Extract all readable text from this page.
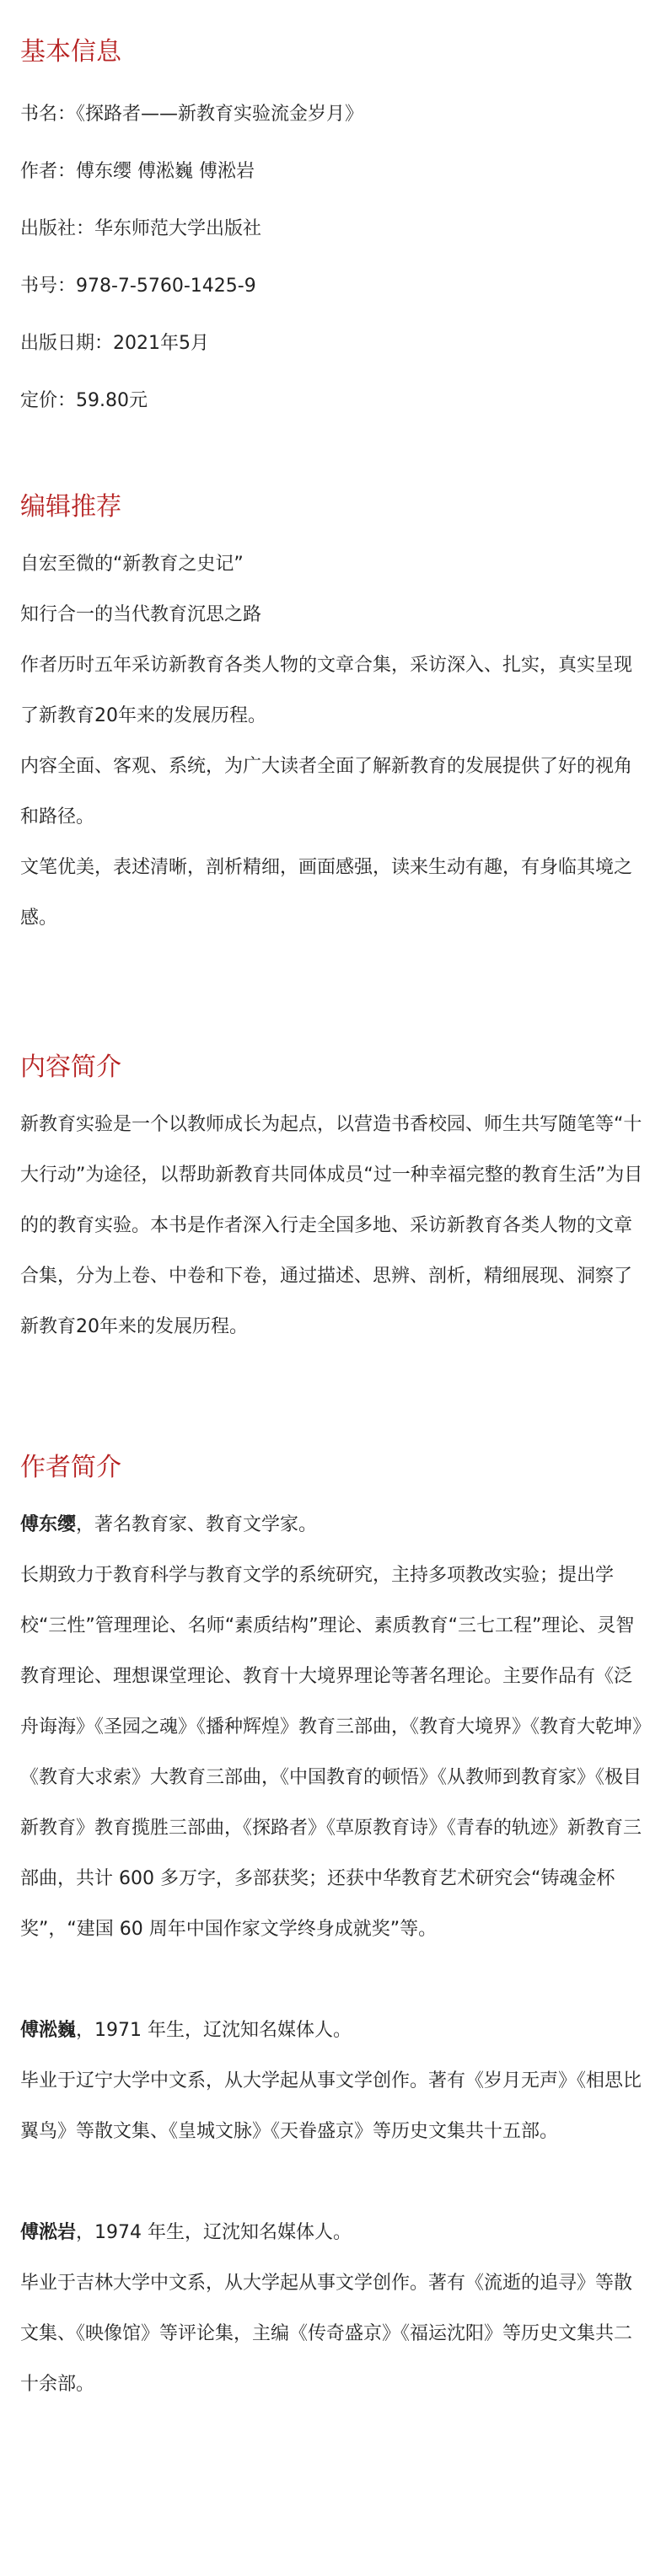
基本信息

书名：《探路者——新教育实验流金岁月》

作者：傅东缨 傅淞巍 傅淞岩

出版社：华东师范大学出版社

书号：978-7-5760-1425-9

出版日期：2021年5月

定价：59.80元

编辑推荐

自宏至微的“新教育之史记”

知行合一的当代教育沉思之路

作者历时五年采访新教育各类人物的文章合集，采访深入、扎实，真实呈现了新教育20年来的发展历程。

内容全面、客观、系统，为广大读者全面了解新教育的发展提供了好的视角和路径。

文笔优美，表述清晰，剖析精细，画面感强，读来生动有趣，有身临其境之感。

内容简介

新教育实验是一个以教师成长为起点，以营造书香校园、师生共写随笔等“十大行动”为途径，以帮助新教育共同体成员“过一种幸福完整的教育生活”为目的的教育实验。本书是作者深入行走全国多地、采访新教育各类人物的文章合集，分为上卷、中卷和下卷，通过描述、思辨、剖析，精细展现、洞察了新教育20年来的发展历程。

作者简介

傅东缨，著名教育家、教育文学家。

长期致力于教育科学与教育文学的系统研究，主持多项教改实验；提出学校“三性”管理理论、名师“素质结构”理论、素质教育“三七工程”理论、灵智教育理论、理想课堂理论、教育十大境界理论等著名理论。主要作品有《泛舟诲海》《圣园之魂》《播种辉煌》教育三部曲，《教育大境界》《教育大乾坤》《教育大求索》大教育三部曲，《中国教育的顿悟》《从教师到教育家》《极目新教育》教育揽胜三部曲，《探路者》《草原教育诗》《青春的轨迹》新教育三部曲，共计 600 多万字，多部获奖；还获中华教育艺术研究会“铸魂金杯奖”，“建国 60 周年中国作家文学终身成就奖”等。

傅淞巍，1971 年生，辽沈知名媒体人。

毕业于辽宁大学中文系，从大学起从事文学创作。著有《岁月无声》《相思比翼鸟》等散文集、《皇城文脉》《天眷盛京》等历史文集共十五部。

傅淞岩，1974 年生，辽沈知名媒体人。

毕业于吉林大学中文系，从大学起从事文学创作。著有《流逝的追寻》等散文集、《映像馆》等评论集，主编《传奇盛京》《福运沈阳》等历史文集共二十余部。
